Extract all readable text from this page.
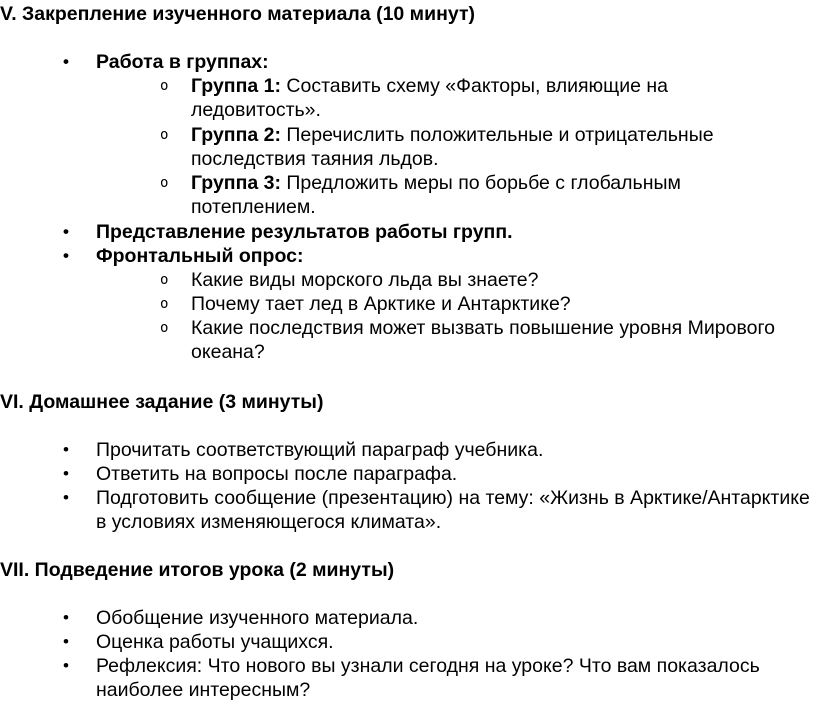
V. Закрепление изученного материала (10 минут)
• Работа в группах:
o Группа 1: Составить схему «Факторы, влияющие на ледовитость».
o Группа 2: Перечислить положительные и отрицательные последствия таяния льдов.
o Группа 3: Предложить меры по борьбе с глобальным потеплением.
• Представление результатов работы групп.
• Фронтальный опрос:
o Какие виды морского льда вы знаете?
o Почему тает лед в Арктике и Антарктике?
o Какие последствия может вызвать повышение уровня Мирового океана?
VI. Домашнее задание (3 минуты)
• Прочитать соответствующий параграф учебника.
• Ответить на вопросы после параграфа.
• Подготовить сообщение (презентацию) на тему: «Жизнь в Арктике/Антарктике в условиях изменяющегося климата».
VII. Подведение итогов урока (2 минуты)
• Обобщение изученного материала.
• Оценка работы учащихся.
• Рефлексия: Что нового вы узнали сегодня на уроке? Что вам показалось наиболее интересным?
